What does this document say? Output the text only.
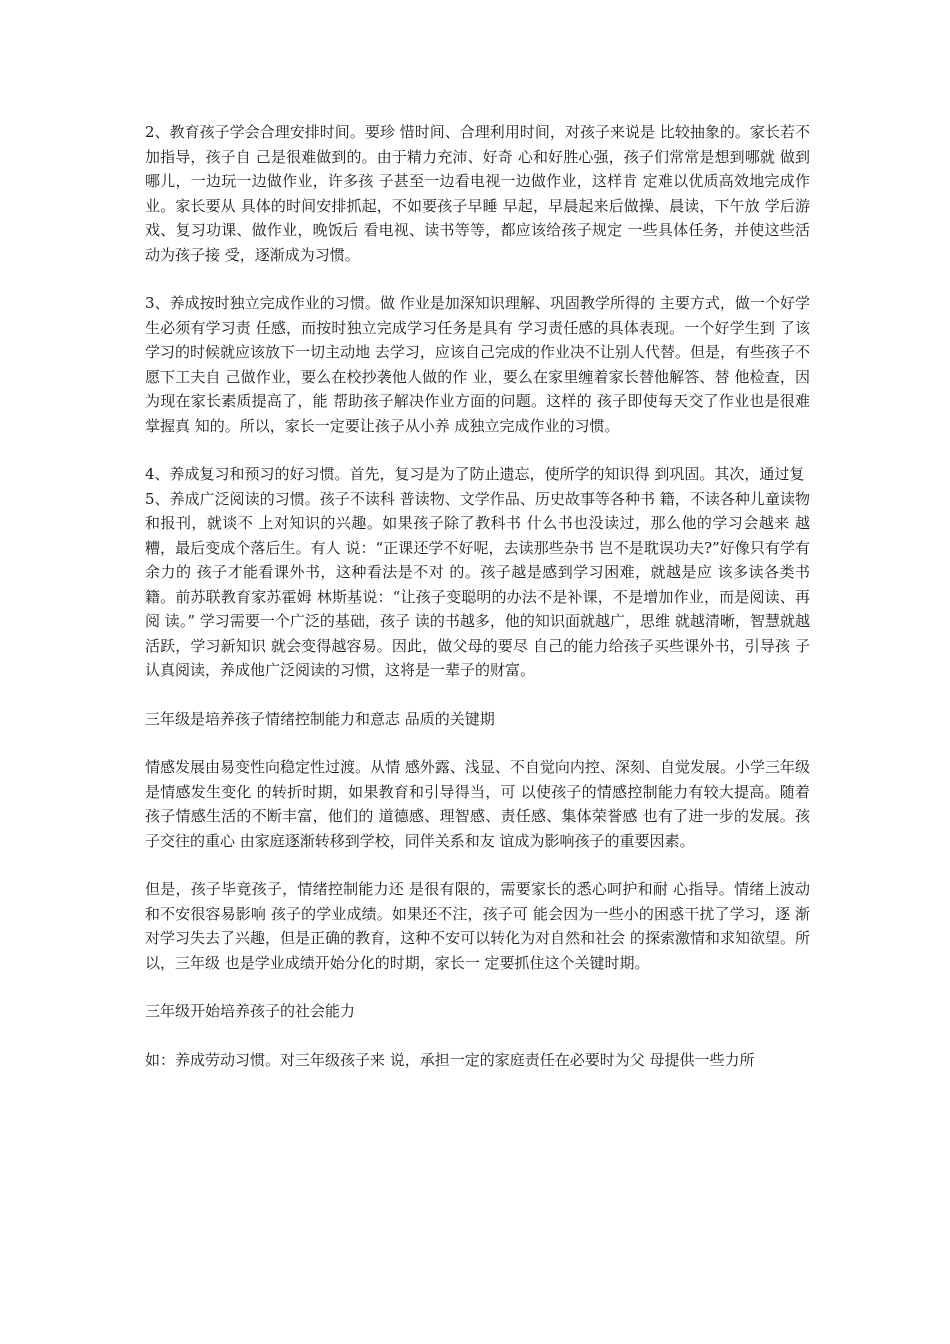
2、教育孩子学会合理安排时间。要珍 惜时间、合理利用时间，对孩子来说是 比较抽象的。家长若不加指导，孩子自 己是很难做到的。由于精力充沛、好奇 心和好胜心强，孩子们常常是想到哪就 做到哪儿，一边玩一边做作业，许多孩 子甚至一边看电视一边做作业，这样肯 定难以优质高效地完成作业。家长要从 具体的时间安排抓起，不如要孩子早睡 早起，早晨起来后做操、晨读，下午放 学后游戏、复习功课、做作业，晚饭后 看电视、读书等等，都应该给孩子规定 一些具体任务，并使这些活动为孩子接 受，逐渐成为习惯。

3、养成按时独立完成作业的习惯。做 作业是加深知识理解、巩固教学所得的 主要方式，做一个好学生必须有学习责 任感，而按时独立完成学习任务是具有 学习责任感的具体表现。一个好学生到 了该学习的时候就应该放下一切主动地 去学习，应该自己完成的作业决不让别人代替。但是，有些孩子不愿下工夫自 己做作业，要么在校抄袭他人做的作 业，要么在家里缠着家长替他解答、替 他检查，因为现在家长素质提高了，能 帮助孩子解决作业方面的问题。这样的 孩子即使每天交了作业也是很难掌握真 知的。所以，家长一定要让孩子从小养 成独立完成作业的习惯。

4、养成复习和预习的好习惯。首先，复习是为了防止遗忘，使所学的知识得 到巩固。其次，通过复

5、养成广泛阅读的习惯。孩子不读科 普读物、文学作品、历史故事等各种书 籍，不读各种儿童读物和报刊，就谈不 上对知识的兴趣。如果孩子除了教科书 什么书也没读过，那么他的学习会越来 越糟，最后变成个落后生。有人 说：“正课还学不好呢，去读那些杂书 岂不是耽误功夫?”好像只有学有余力的 孩子才能看课外书，这种看法是不对 的。孩子越是感到学习困难，就越是应 该多读各类书籍。前苏联教育家苏霍姆 林斯基说：“让孩子变聪明的办法不是补课，不是增加作业，而是阅读、再阅 读。” 学习需要一个广泛的基础，孩子 读的书越多，他的知识面就越广，思维 就越清晰，智慧就越活跃，学习新知识 就会变得越容易。因此，做父母的要尽 自己的能力给孩子买些课外书，引导孩 子认真阅读，养成他广泛阅读的习惯，这将是一辈子的财富。

三年级是培养孩子情绪控制能力和意志 品质的关键期

情感发展由易变性向稳定性过渡。从情 感外露、浅显、不自觉向内控、深刻、自觉发展。小学三年级是情感发生变化 的转折时期，如果教育和引导得当，可 以使孩子的情感控制能力有较大提高。随着孩子情感生活的不断丰富，他们的 道德感、理智感、责任感、集体荣誉感 也有了进一步的发展。孩子交往的重心 由家庭逐渐转移到学校，同伴关系和友 谊成为影响孩子的重要因素。

但是，孩子毕竟孩子，情绪控制能力还 是很有限的，需要家长的悉心呵护和耐 心指导。情绪上波动和不安很容易影响 孩子的学业成绩。如果还不注，孩子可 能会因为一些小的困惑干扰了学习，逐 渐对学习失去了兴趣，但是正确的教育，这种不安可以转化为对自然和社会 的探索激情和求知欲望。所以，三年级 也是学业成绩开始分化的时期，家长一 定要抓住这个关键时期。

三年级开始培养孩子的社会能力

如：养成劳动习惯。对三年级孩子来 说，承担一定的家庭责任在必要时为父 母提供一些力所
